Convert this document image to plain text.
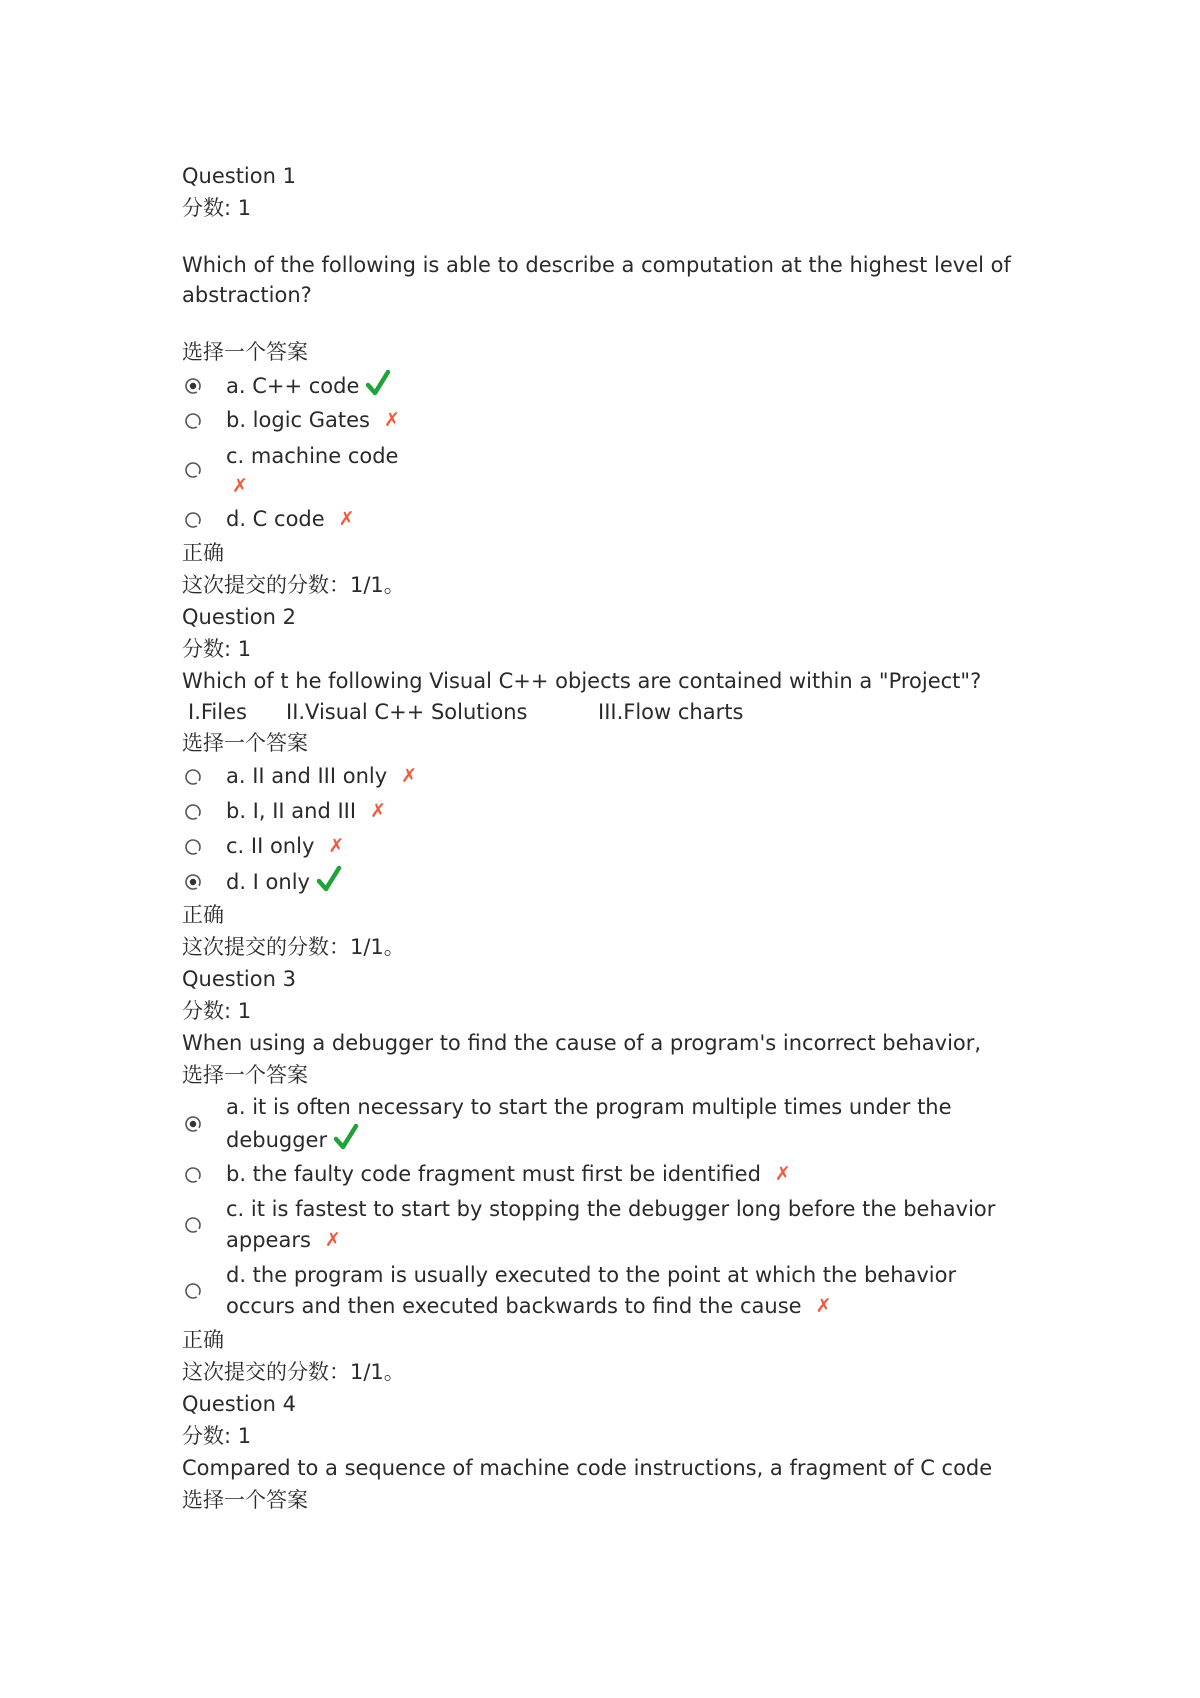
Question 1
分数: 1
Which of the following is able to describe a computation at the highest level of abstraction?
选择一个答案
a. C++ code
b. logic Gates ✗
c. machine code
✗
d. C code ✗
正确
这次提交的分数：1/1。
Question 2
分数: 1
Which of t he following Visual C++ objects are contained within a "Project"?
I.Files	II.Visual C++ Solutions	III.Flow charts
选择一个答案
a. II and III only ✗
b. I, II and III ✗
c. II only ✗
d. I only
正确
这次提交的分数：1/1。
Question 3
分数: 1
When using a debugger to find the cause of a program's incorrect behavior,
选择一个答案
a. it is often necessary to start the program multiple times under the debugger
b. the faulty code fragment must first be identified ✗
c. it is fastest to start by stopping the debugger long before the behavior appears ✗
d. the program is usually executed to the point at which the behavior occurs and then executed backwards to find the cause ✗
正确
这次提交的分数：1/1。
Question 4
分数: 1
Compared to a sequence of machine code instructions, a fragment of C code
选择一个答案
